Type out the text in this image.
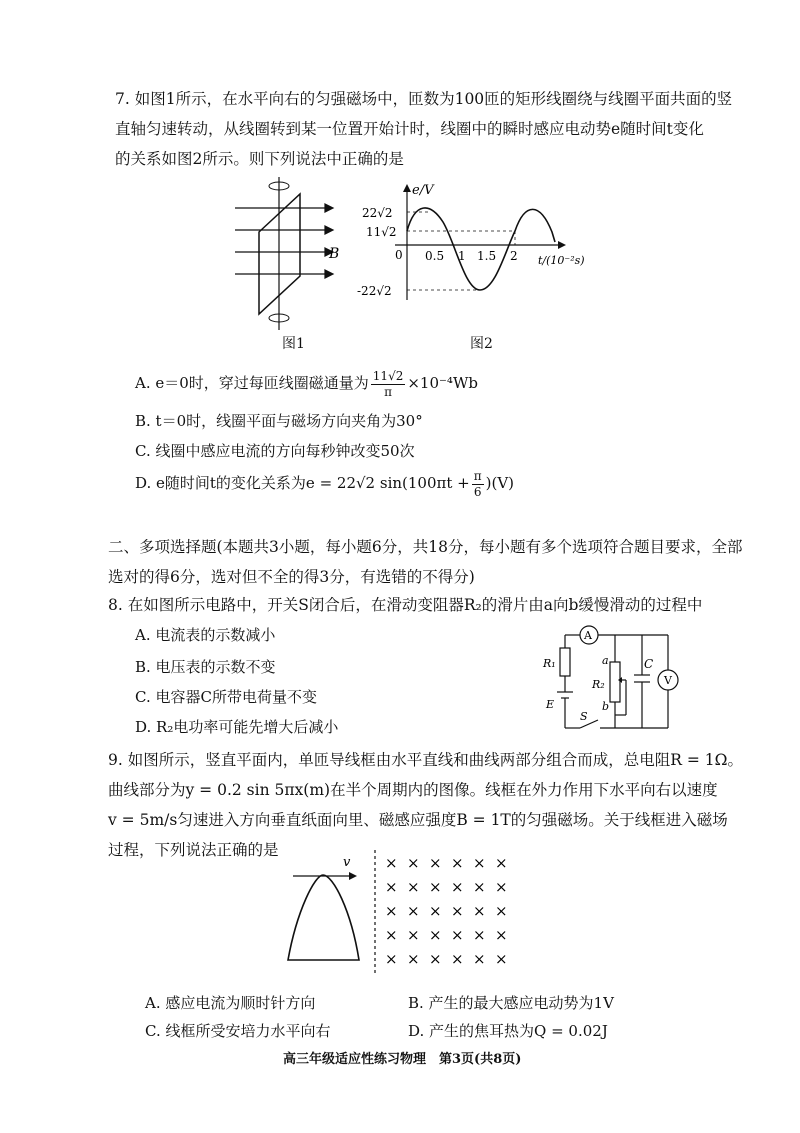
7. 如图1所示，在水平向右的匀强磁场中，匝数为100匝的矩形线圈绕与线圈平面共面的竖
直轴匀速转动，从线圈转到某一位置开始计时，线圈中的瞬时感应电动势e随时间t变化
的关系如图2所示。则下列说法中正确的是
B
图1
e/V
22√2
11√2
0
-22√2
0.5 1 1.5 2 t/(10⁻²s)
图2
A. e＝0时，穿过每匝线圈磁通量为 $\frac{11√2}{\pi} \times 10^{-4}Wb$
B. t＝0时，线圈平面与磁场方向夹角为30°
C. 线圈中感应电流的方向每秒钟改变50次
D. e随时间t的变化关系为e = 22√2 $\sin(100\pi t + \frac{\pi}{6} )(V)$
二、多项选择题(本题共3小题，每小题6分，共18分，每小题有多个选项符合题目要求，全部
选对的得6分，选对但不全的得3分，有选错的不得分)
8. 在如图所示电路中，开关S闭合后，在滑动变阻器R₂的滑片由a向b缓慢滑动的过程中
A. 电流表的示数减小
B. 电压表的示数不变
C. 电容器C所带电荷量不变
D. R₂电功率可能先增大后减小
A
V
R₁
R₂
a
b
C
E
S
9. 如图所示，竖直平面内，单匝导线框由水平直线和曲线两部分组合而成，总电阻R = 1Ω。
曲线部分为y = 0.2 sin 5πx(m)在半个周期内的图像。线框在外力作用下水平向右以速度
v = 5m/s匀速进入方向垂直纸面向里、磁感应强度B = 1T的匀强磁场。关于线框进入磁场
过程，下列说法正确的是
v × × × × × ×
× × × × × ×
× × × × × ×
× × × × × ×
× × × × × ×
A. 感应电流为顺时针方向	B. 产生的最大感应电动势为1V
C. 线框所受安培力水平向右	D. 产生的焦耳热为Q = 0.02J
高三年级适应性练习物理　第3页(共8页)
